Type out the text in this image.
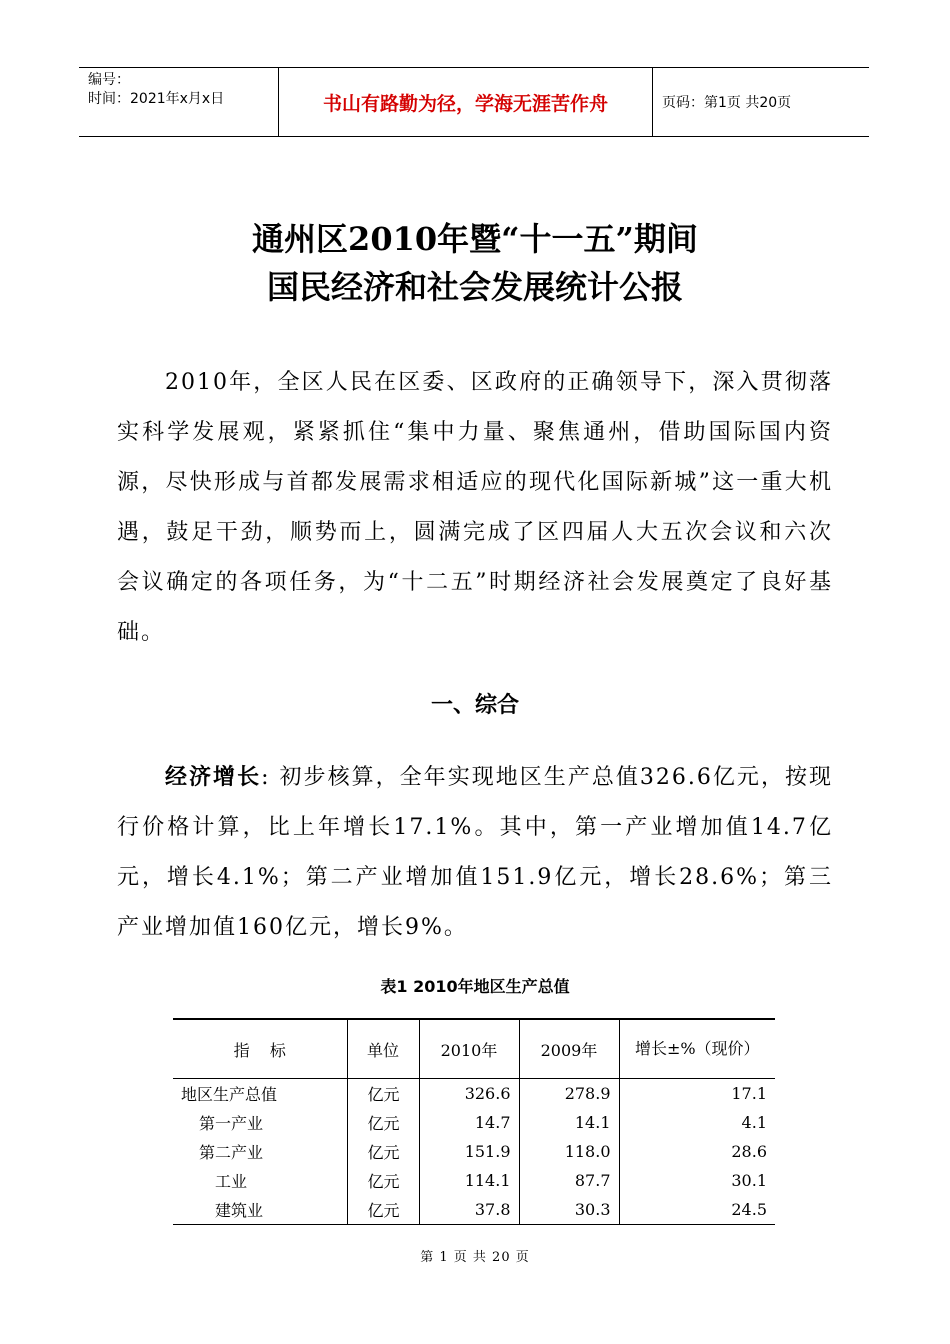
编号：
时间：2021年x月x日	书山有路勤为径，学海无涯苦作舟	页码：第1页 共20页
通州区2010年暨“十一五”期间
国民经济和社会发展统计公报
2010年，全区人民在区委、区政府的正确领导下，深入贯彻落实科学发展观，紧紧抓住“集中力量、聚焦通州，借助国际国内资源，尽快形成与首都发展需求相适应的现代化国际新城”这一重大机遇，鼓足干劲，顺势而上，圆满完成了区四届人大五次会议和六次会议确定的各项任务，为“十二五”时期经济社会发展奠定了良好基础。
一、综合
经济增长: 初步核算，全年实现地区生产总值326.6亿元，按现行价格计算，比上年增长17.1%。其中，第一产业增加值14.7亿元，增长4.1%；第二产业增加值151.9亿元，增长28.6%；第三产业增加值160亿元，增长9%。
表1 2010年地区生产总值
指    标	单位	2010年	2009年	增长±%（现价）
地区生产总值	亿元	326.6	278.9	17.1
第一产业	亿元	14.7	14.1	4.1
第二产业	亿元	151.9	118.0	28.6
工业	亿元	114.1	87.7	30.1
建筑业	亿元	37.8	30.3	24.5
第 1 页 共 20 页
